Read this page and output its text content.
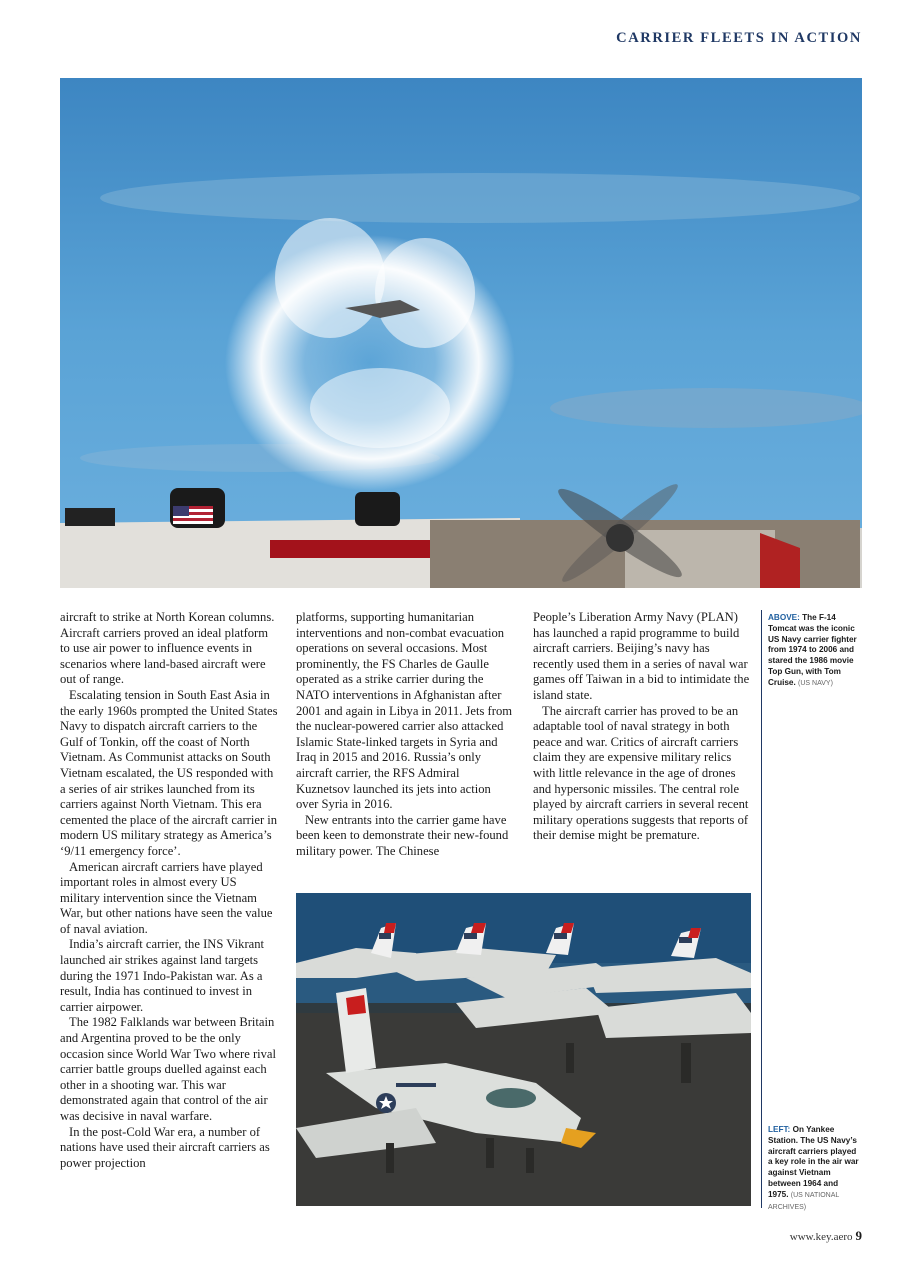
CARRIER FLEETS IN ACTION

aircraft to strike at North Korean columns. Aircraft carriers proved an ideal platform to use air power to influence events in scenarios where land-based aircraft were out of range.

Escalating tension in South East Asia in the early 1960s prompted the United States Navy to dispatch aircraft carriers to the Gulf of Tonkin, off the coast of North Vietnam. As Communist attacks on South Vietnam escalated, the US responded with a series of air strikes launched from its carriers against North Vietnam. This era cemented the place of the aircraft carrier in modern US military strategy as America’s ‘9/11 emergency force’.

American aircraft carriers have played important roles in almost every US military intervention since the Vietnam War, but other nations have seen the value of naval aviation.

India’s aircraft carrier, the INS Vikrant launched air strikes against land targets during the 1971 Indo-Pakistan war. As a result, India has continued to invest in carrier airpower.

The 1982 Falklands war between Britain and Argentina proved to be the only occasion since World War Two where rival carrier battle groups duelled against each other in a shooting war. This war demonstrated again that control of the air was decisive in naval warfare.

In the post-Cold War era, a number of nations have used their aircraft carriers as power projection

platforms, supporting humanitarian interventions and non-combat evacuation operations on several occasions. Most prominently, the FS Charles de Gaulle operated as a strike carrier during the NATO interventions in Afghanistan after 2001 and again in Libya in 2011. Jets from the nuclear-powered carrier also attacked Islamic State-linked targets in Syria and Iraq in 2015 and 2016. Russia’s only aircraft carrier, the RFS Admiral Kuznetsov launched its jets into action over Syria in 2016.

New entrants into the carrier game have been keen to demonstrate their new-found military power. The Chinese

People’s Liberation Army Navy (PLAN) has launched a rapid programme to build aircraft carriers. Beijing’s navy has recently used them in a series of naval war games off Taiwan in a bid to intimidate the island state.

The aircraft carrier has proved to be an adaptable tool of naval strategy in both peace and war. Critics of aircraft carriers claim they are expensive military relics with little relevance in the age of drones and hypersonic missiles. The central role played by aircraft carriers in several recent military operations suggests that reports of their demise might be premature.

ABOVE: The F-14 Tomcat was the iconic US Navy carrier fighter from 1974 to 2006 and stared the 1986 movie Top Gun, with Tom Cruise. (US NAVY)
LEFT: On Yankee Station. The US Navy’s aircraft carriers played a key role in the air war against Vietnam between 1964 and 1975. (US NATIONAL ARCHIVES)
www.key.aero 9
